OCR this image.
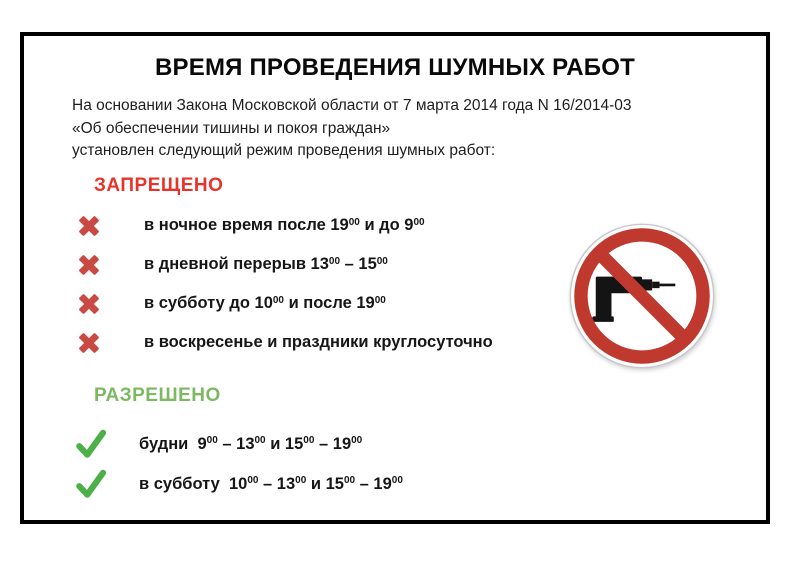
ВРЕМЯ ПРОВЕДЕНИЯ ШУМНЫХ РАБОТ
На основании Закона Московской области от 7 марта 2014 года N 16/2014-03
«Об обеспечении тишины и покоя граждан»
установлен следующий режим проведения шумных работ:
ЗАПРЕЩЕНО
в ночное время после $19^{00}$ и до $9^{00}$
в дневной перерыв $13^{00} - 15^{00}$
в субботу до $10^{00}$ и после $19^{00}$
в воскресенье и праздники круглосуточно
РАЗРЕШЕНО
будни  $9^{00} - 13^{00}$ и $15^{00} - 19^{00}$
в субботу  $10^{00} - 13^{00}$ и $15^{00} - 19^{00}$
